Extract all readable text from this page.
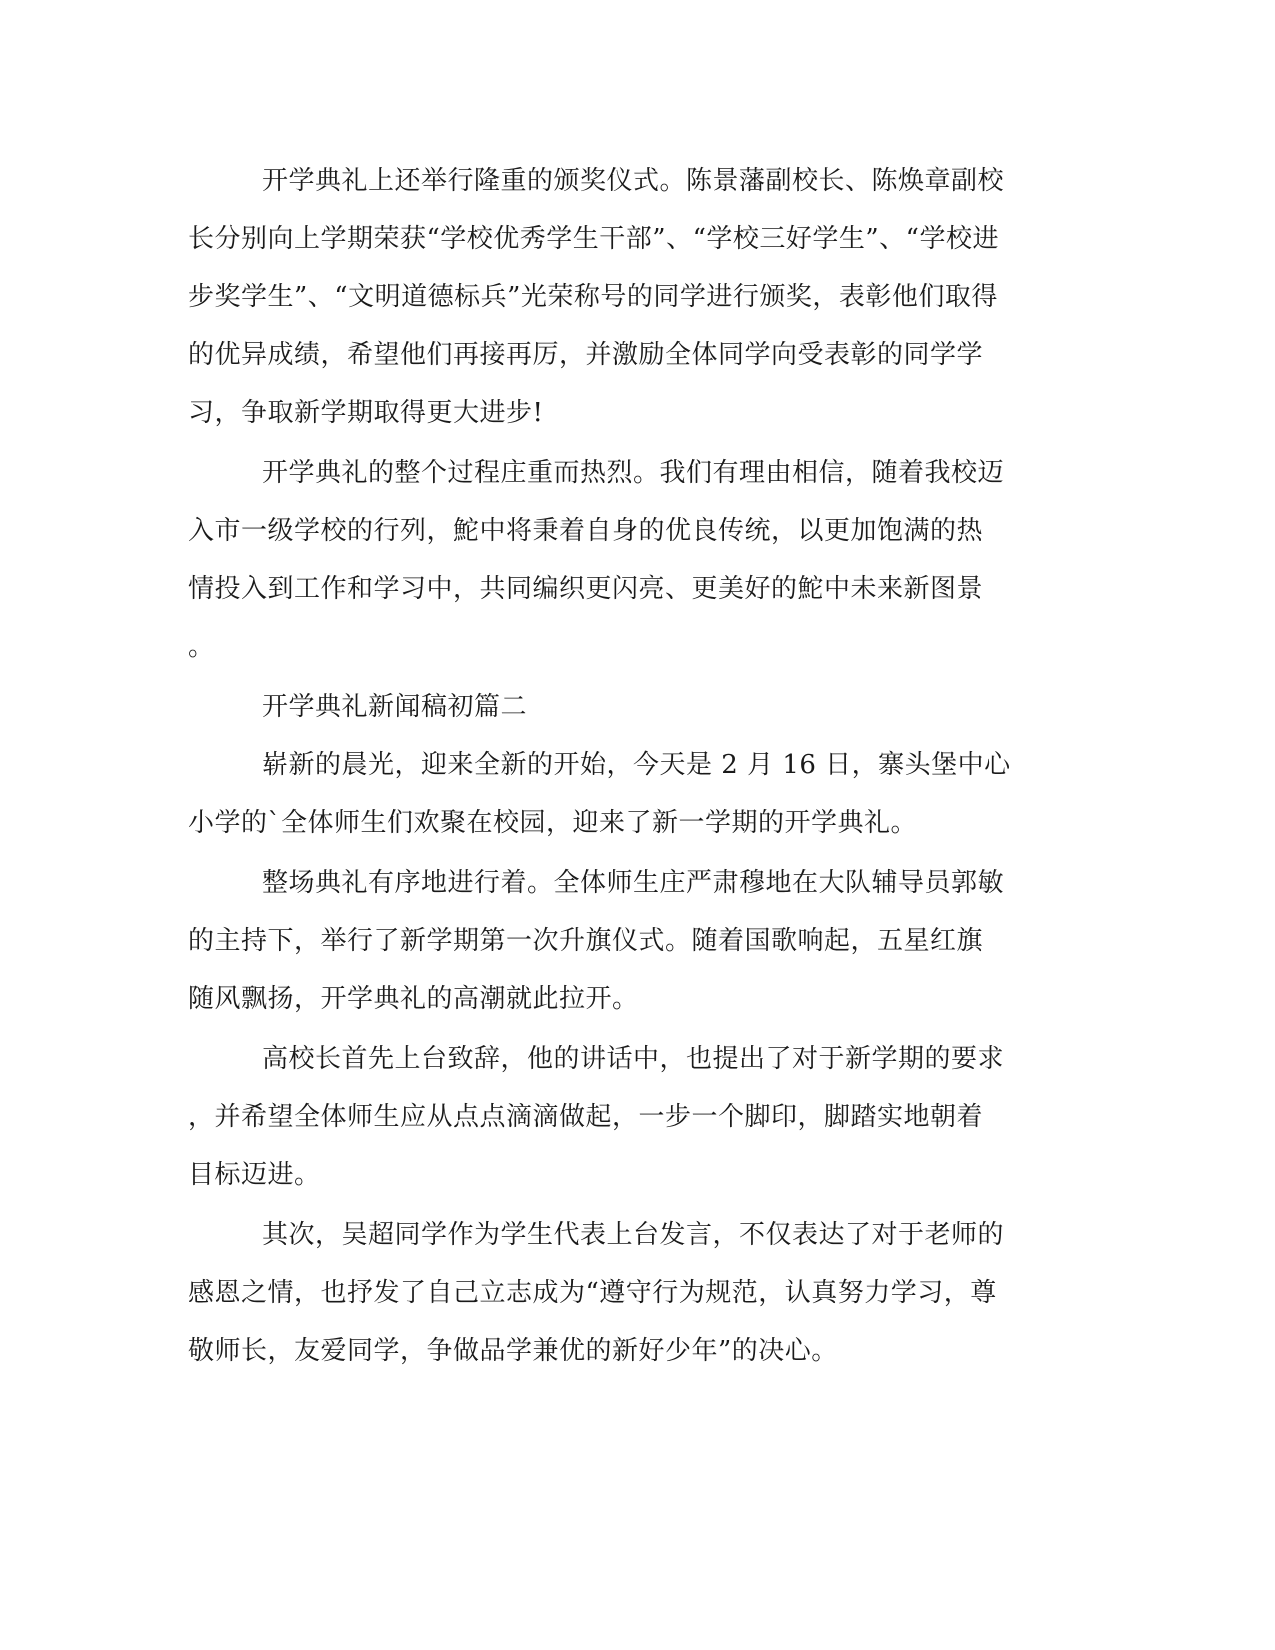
开学典礼上还举行隆重的颁奖仪式。陈景藩副校长、陈焕章副校
长分别向上学期荣获“学校优秀学生干部”、“学校三好学生”、“学校进
步奖学生”、“文明道德标兵”光荣称号的同学进行颁奖，表彰他们取得
的优异成绩，希望他们再接再厉，并激励全体同学向受表彰的同学学
习，争取新学期取得更大进步!
开学典礼的整个过程庄重而热烈。我们有理由相信，随着我校迈
入市一级学校的行列，鮀中将秉着自身的优良传统，以更加饱满的热
情投入到工作和学习中，共同编织更闪亮、更美好的鮀中未来新图景
。
开学典礼新闻稿初篇二
崭新的晨光，迎来全新的开始，今天是 2 月 16 日，寨头堡中心
小学的`全体师生们欢聚在校园，迎来了新一学期的开学典礼。
整场典礼有序地进行着。全体师生庄严肃穆地在大队辅导员郭敏
的主持下，举行了新学期第一次升旗仪式。随着国歌响起，五星红旗
随风飘扬，开学典礼的高潮就此拉开。
高校长首先上台致辞，他的讲话中，也提出了对于新学期的要求
，并希望全体师生应从点点滴滴做起，一步一个脚印，脚踏实地朝着
目标迈进。
其次，吴超同学作为学生代表上台发言，不仅表达了对于老师的
感恩之情，也抒发了自己立志成为“遵守行为规范，认真努力学习，尊
敬师长，友爱同学，争做品学兼优的新好少年”的决心。
